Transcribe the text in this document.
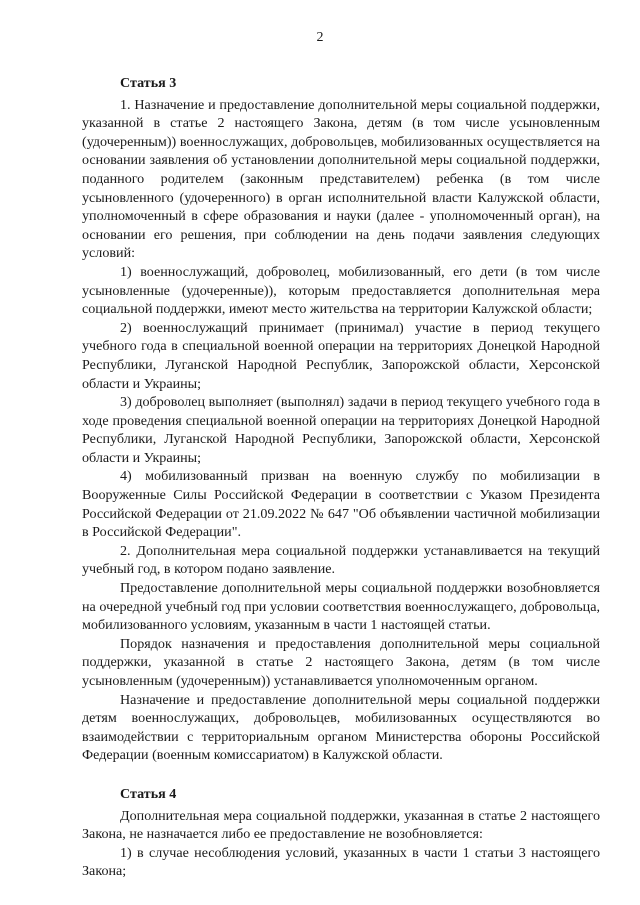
2
Статья 3

1. Назначение и предоставление дополнительной меры социальной поддержки, указанной в статье 2 настоящего Закона, детям (в том числе усыновленным (удочеренным)) военнослужащих, добровольцев, мобилизованных осуществляется на основании заявления об установлении дополнительной меры социальной поддержки, поданного родителем (законным представителем) ребенка (в том числе усыновленного (удочеренного) в орган исполнительной власти Калужской области, уполномоченный в сфере образования и науки (далее - уполномоченный орган), на основании его решения, при соблюдении на день подачи заявления следующих условий:

1) военнослужащий, доброволец, мобилизованный, его дети (в том числе усыновленные (удочеренные)), которым предоставляется дополнительная мера социальной поддержки, имеют место жительства на территории Калужской области;

2) военнослужащий принимает (принимал) участие в период текущего учебного года в специальной военной операции на территориях Донецкой Народной Республики, Луганской Народной Республик, Запорожской области, Херсонской области и Украины;

3) доброволец выполняет (выполнял) задачи в период текущего учебного года в ходе проведения специальной военной операции на территориях Донецкой Народной Республики, Луганской Народной Республики, Запорожской области, Херсонской области и Украины;

4) мобилизованный призван на военную службу по мобилизации в Вооруженные Силы Российской Федерации в соответствии с Указом Президента Российской Федерации от 21.09.2022 № 647 "Об объявлении частичной мобилизации в Российской Федерации".

2. Дополнительная мера социальной поддержки устанавливается на текущий учебный год, в котором подано заявление.

Предоставление дополнительной меры социальной поддержки возобновляется на очередной учебный год при условии соответствия военнослужащего, добровольца, мобилизованного условиям, указанным в части 1 настоящей статьи.

Порядок назначения и предоставления дополнительной меры социальной поддержки, указанной в статье 2 настоящего Закона, детям (в том числе усыновленным (удочеренным)) устанавливается уполномоченным органом.

Назначение и предоставление дополнительной меры социальной поддержки детям военнослужащих, добровольцев, мобилизованных осуществляются во взаимодействии с территориальным органом Министерства обороны Российской Федерации (военным комиссариатом) в Калужской области.

Статья 4

Дополнительная мера социальной поддержки, указанная в статье 2 настоящего Закона, не назначается либо ее предоставление не возобновляется:

1) в случае несоблюдения условий, указанных в части 1 статьи 3 настоящего Закона;
